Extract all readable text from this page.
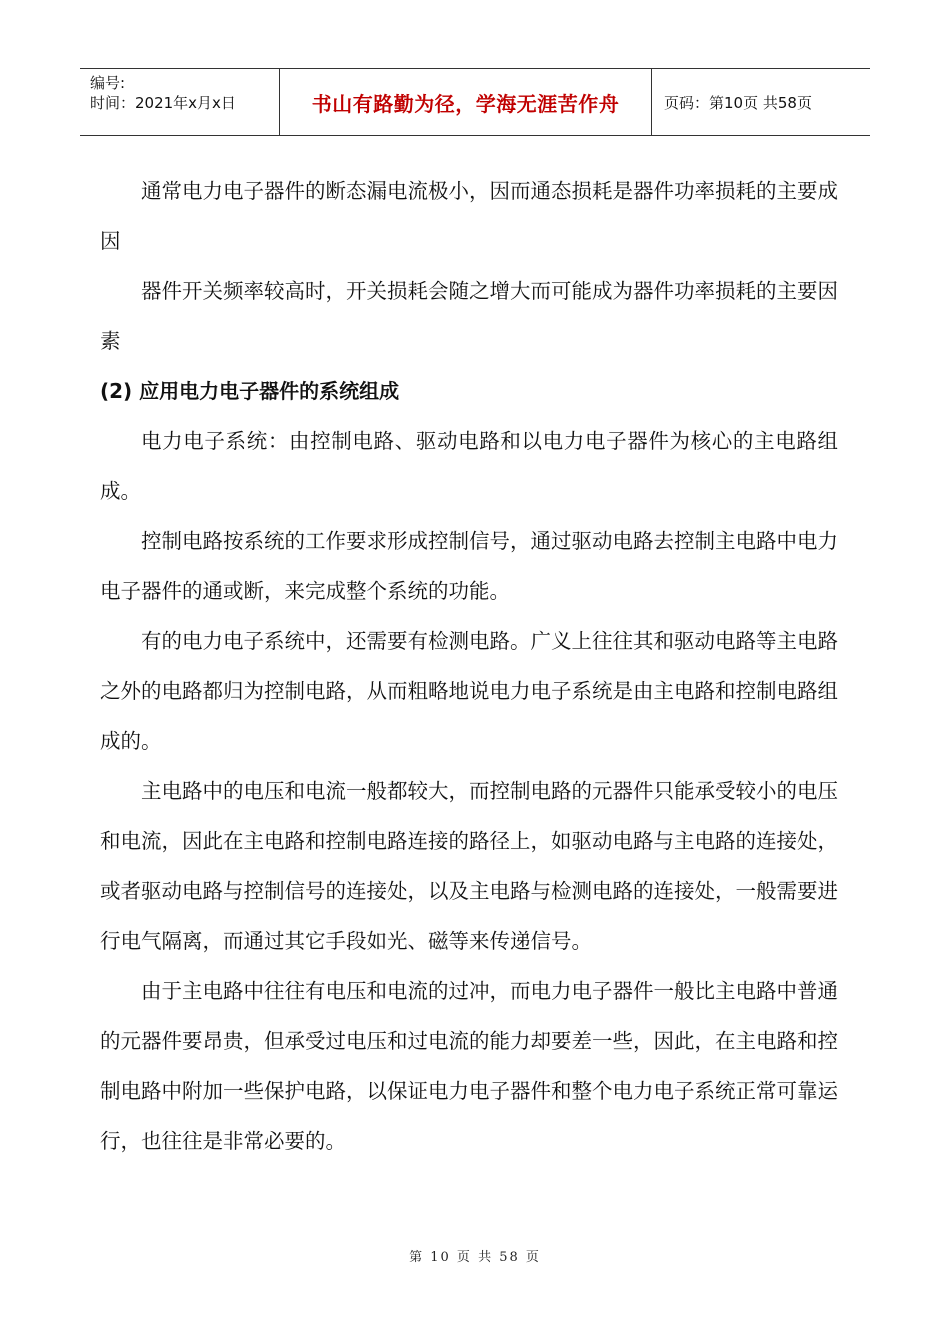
编号:
时间：2021年x月x日	书山有路勤为径，学海无涯苦作舟	页码：第10页 共58页

通常电力电子器件的断态漏电流极小，因而通态损耗是器件功率损耗的主要成因

器件开关频率较高时，开关损耗会随之增大而可能成为器件功率损耗的主要因素

(2) 应用电力电子器件的系统组成

电力电子系统：由控制电路、驱动电路和以电力电子器件为核心的主电路组成。

控制电路按系统的工作要求形成控制信号，通过驱动电路去控制主电路中电力电子器件的通或断，来完成整个系统的功能。

有的电力电子系统中，还需要有检测电路。广义上往往其和驱动电路等主电路之外的电路都归为控制电路，从而粗略地说电力电子系统是由主电路和控制电路组成的。

主电路中的电压和电流一般都较大，而控制电路的元器件只能承受较小的电压和电流，因此在主电路和控制电路连接的路径上，如驱动电路与主电路的连接处，或者驱动电路与控制信号的连接处，以及主电路与检测电路的连接处，一般需要进行电气隔离，而通过其它手段如光、磁等来传递信号。

由于主电路中往往有电压和电流的过冲，而电力电子器件一般比主电路中普通的元器件要昂贵，但承受过电压和过电流的能力却要差一些，因此，在主电路和控制电路中附加一些保护电路，以保证电力电子器件和整个电力电子系统正常可靠运行，也往往是非常必要的。

第 10 页 共 58 页
